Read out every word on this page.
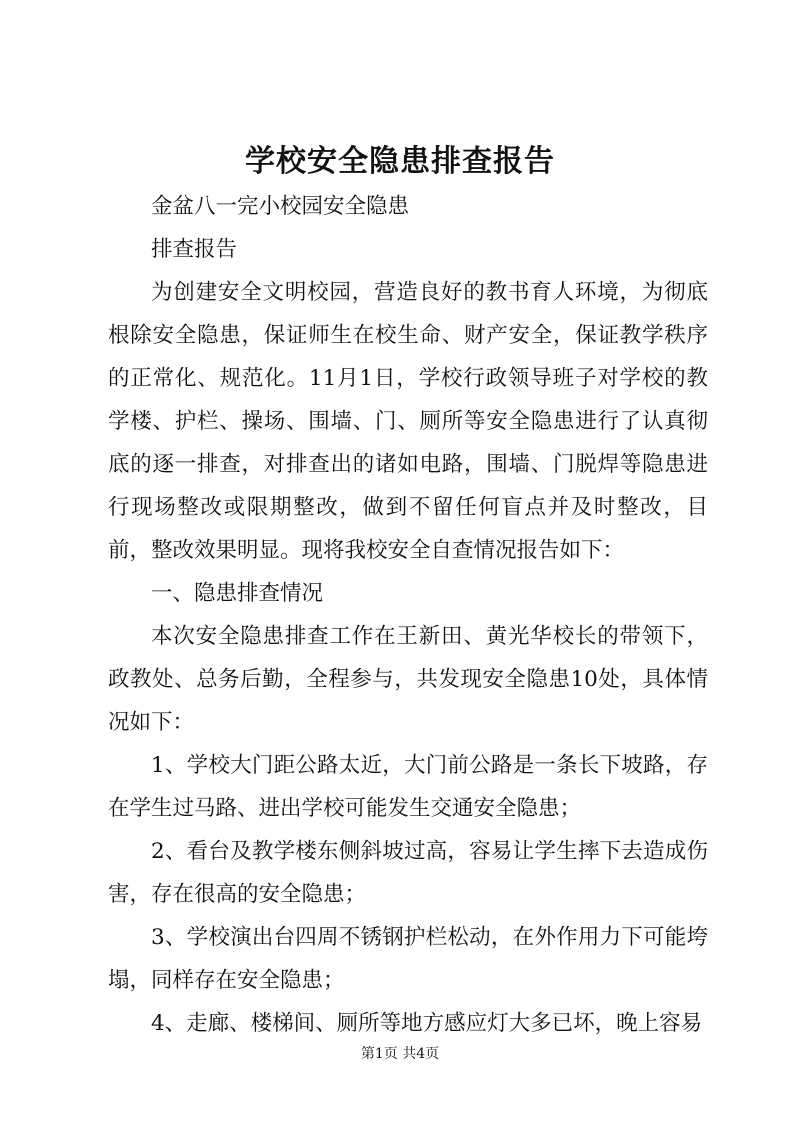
学校安全隐患排查报告

金盆八一完小校园安全隐患

排查报告

为创建安全文明校园，营造良好的教书育人环境，为彻底根除安全隐患，保证师生在校生命、财产安全，保证教学秩序的正常化、规范化。11月1日，学校行政领导班子对学校的教学楼、护栏、操场、围墙、门、厕所等安全隐患进行了认真彻底的逐一排查，对排查出的诸如电路，围墙、门脱焊等隐患进行现场整改或限期整改，做到不留任何盲点并及时整改，目前，整改效果明显。现将我校安全自查情况报告如下：

一、隐患排查情况

本次安全隐患排查工作在王新田、黄光华校长的带领下，政教处、总务后勤，全程参与，共发现安全隐患10处，具体情况如下：

1、学校大门距公路太近，大门前公路是一条长下坡路，存在学生过马路、进出学校可能发生交通安全隐患；

2、看台及教学楼东侧斜坡过高，容易让学生摔下去造成伤害，存在很高的安全隐患；

3、学校演出台四周不锈钢护栏松动，在外作用力下可能垮塌，同样存在安全隐患；

4、走廊、楼梯间、厕所等地方感应灯大多已坏，晚上容易

第1页 共4页
